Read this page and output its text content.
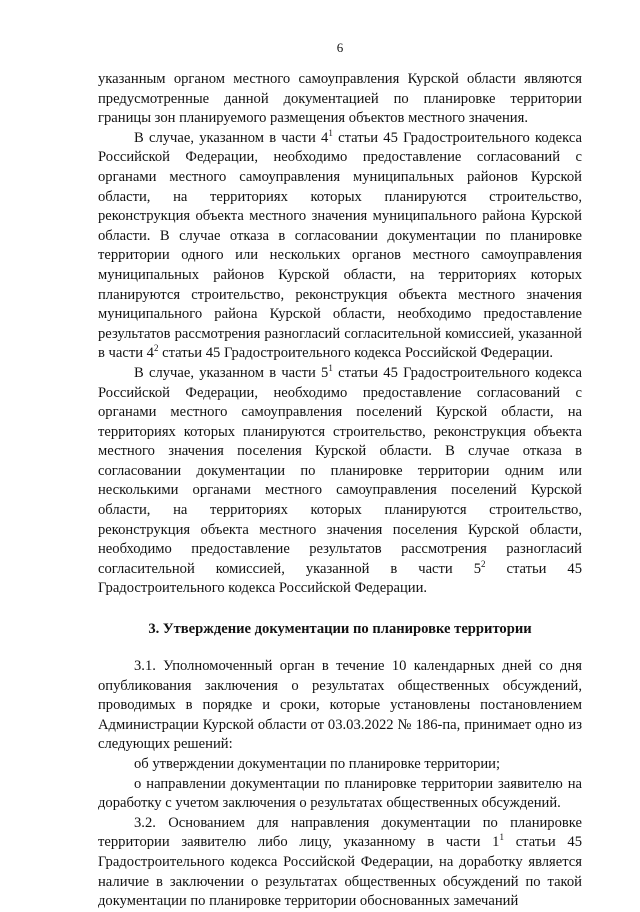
6

указанным органом местного самоуправления Курской области являются предусмотренные данной документацией по планировке территории границы зон планируемого размещения объектов местного значения.

В случае, указанном в части $4^1$ статьи 45 Градостроительного кодекса Российской Федерации, необходимо предоставление согласований с органами местного самоуправления муниципальных районов Курской области, на территориях которых планируются строительство, реконструкция объекта местного значения муниципального района Курской области. В случае отказа в согласовании документации по планировке территории одного или нескольких органов местного самоуправления муниципальных районов Курской области, на территориях которых планируются строительство, реконструкция объекта местного значения муниципального района Курской области, необходимо предоставление результатов рассмотрения разногласий согласительной комиссией, указанной в части $4^2$ статьи 45 Градостроительного кодекса Российской Федерации.

В случае, указанном в части $5^1$ статьи 45 Градостроительного кодекса Российской Федерации, необходимо предоставление согласований с органами местного самоуправления поселений Курской области, на территориях которых планируются строительство, реконструкция объекта местного значения поселения Курской области. В случае отказа в согласовании документации по планировке территории одним или несколькими органами местного самоуправления поселений Курской области, на территориях которых планируются строительство, реконструкция объекта местного значения поселения Курской области, необходимо предоставление результатов рассмотрения разногласий согласительной комиссией, указанной в части $5^2$ статьи 45 Градостроительного кодекса Российской Федерации.

3. Утверждение документации по планировке территории

3.1. Уполномоченный орган в течение 10 календарных дней со дня опубликования заключения о результатах общественных обсуждений, проводимых в порядке и сроки, которые установлены постановлением Администрации Курской области от 03.03.2022 № 186-па, принимает одно из следующих решений:

об утверждении документации по планировке территории;

о направлении документации по планировке территории заявителю на доработку с учетом заключения о результатах общественных обсуждений.

3.2. Основанием для направления документации по планировке территории заявителю либо лицу, указанному в части $1^1$ статьи 45 Градостроительного кодекса Российской Федерации, на доработку является наличие в заключении о результатах общественных обсуждений по такой документации по планировке территории обоснованных замечаний
